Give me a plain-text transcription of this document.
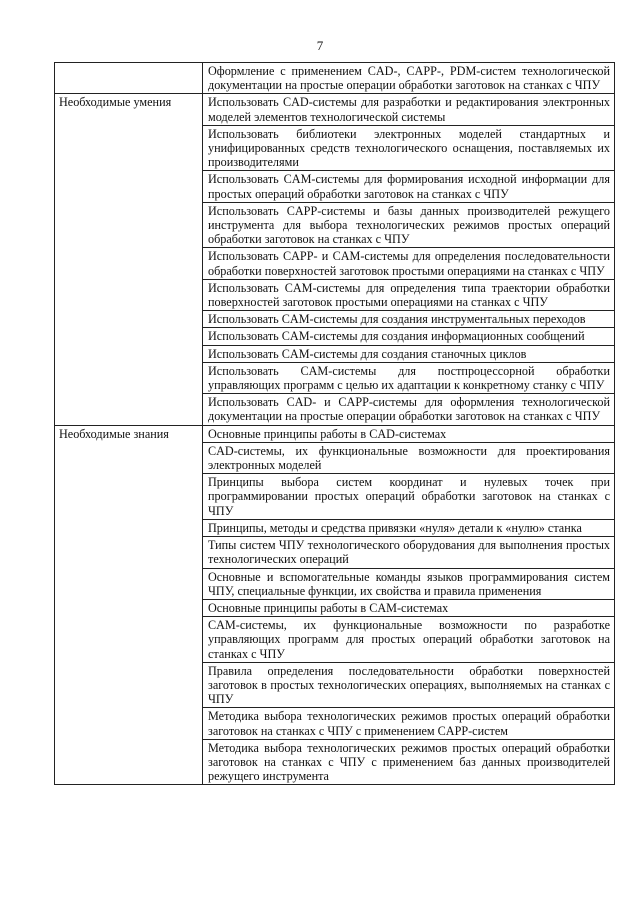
7
	Оформление с применением CAD-, CAPP-, PDM-систем технологической документации на простые операции обработки заготовок на станках с ЧПУ
Необходимые умения	Использовать CAD-системы для разработки и редактирования электронных моделей элементов технологической системы
	Использовать библиотеки электронных моделей стандартных и унифицированных средств технологического оснащения, поставляемых их производителями
	Использовать CAM-системы для формирования исходной информации для простых операций обработки заготовок на станках с ЧПУ
	Использовать CAPP-системы и базы данных производителей режущего инструмента для выбора технологических режимов простых операций обработки заготовок на станках с ЧПУ
	Использовать CAPP- и CAM-системы для определения последовательности обработки поверхностей заготовок простыми операциями на станках с ЧПУ
	Использовать CAM-системы для определения типа траектории обработки поверхностей заготовок простыми операциями на станках с ЧПУ
	Использовать CAM-системы для создания инструментальных переходов
	Использовать CAM-системы для создания информационных сообщений
	Использовать CAM-системы для создания станочных циклов
	Использовать CAM-системы для постпроцессорной обработки управляющих программ с целью их адаптации к конкретному станку с ЧПУ
	Использовать CAD- и CAPP-системы для оформления технологической документации на простые операции обработки заготовок на станках с ЧПУ
Необходимые знания	Основные принципы работы в CAD-системах
	CAD-системы, их функциональные возможности для проектирования электронных моделей
	Принципы выбора систем координат и нулевых точек при программировании простых операций обработки заготовок на станках с ЧПУ
	Принципы, методы и средства привязки «нуля» детали к «нулю» станка
	Типы систем ЧПУ технологического оборудования для выполнения простых технологических операций
	Основные и вспомогательные команды языков программирования систем ЧПУ, специальные функции, их свойства и правила применения
	Основные принципы работы в CAM-системах
	CAM-системы, их функциональные возможности по разработке управляющих программ для простых операций обработки заготовок на станках с ЧПУ
	Правила определения последовательности обработки поверхностей заготовок в простых технологических операциях, выполняемых на станках с ЧПУ
	Методика выбора технологических режимов простых операций обработки заготовок на станках с ЧПУ с применением CAPP-систем
	Методика выбора технологических режимов простых операций обработки заготовок на станках с ЧПУ с применением баз данных производителей режущего инструмента
